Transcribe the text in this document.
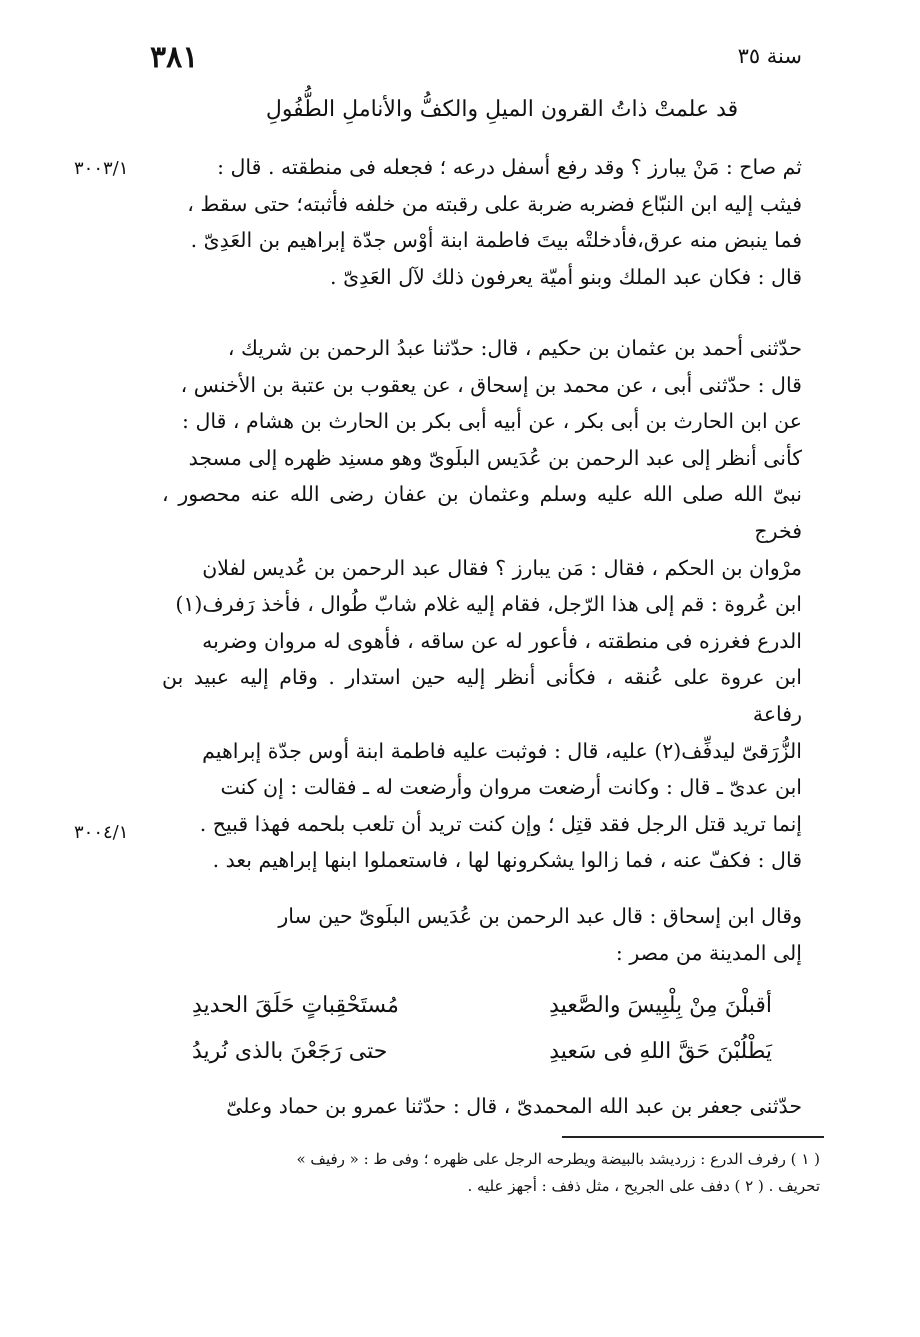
٣٨١	سنة ٣٥
قد علمتْ ذاتُ القرون الميلِ والكفُّ والأناملِ الطُّفُولِ
٣٠٠٣/١
٣٠٠٤/١

ثم صاح : مَنْ يبارز ؟ وقد رفع أسفل درعه ؛ فجعله فى منطقته . قال :

فيثب إليه ابن النبّاع فضربه ضربة على رقبته من خلفه فأثبته؛ حتى سقط ،

فما ينبض منه عرق،فأدخلتْه بيتَ فاطمة ابنة أوْس جدّة إبراهيم بن العَدِىّ .

قال : فكان عبد الملك وبنو أميّة يعرفون ذلك لآل العَدِىّ .

حدّثنى أحمد بن عثمان بن حكيم ، قال: حدّثنا عبدُ الرحمن بن شريك ،

قال : حدّثنى أبى ، عن محمد بن إسحاق ، عن يعقوب بن عتبة بن الأخنس ،

عن ابن الحارث بن أبى بكر ، عن أبيه أبى بكر بن الحارث بن هشام ، قال :

كأنى أنظر إلى عبد الرحمن بن عُدَيس البلَوىّ وهو مسنِد ظهره إلى مسجد

نبىّ الله صلى الله عليه وسلم وعثمان بن عفان رضى الله عنه محصور ، فخرج

مرْوان بن الحكم ، فقال : مَن يبارز ؟ فقال عبد الرحمن بن عُديس لفلان

ابن عُروة : قم إلى هذا الرّجل، فقام إليه غلام شابّ طُوال ، فأخذ رَفرف(١)

الدرع فغرزه فى منطقته ، فأعور له عن ساقه ، فأهوى له مروان وضربه

ابن عروة على عُنقه ، فكأنى أنظر إليه حين استدار . وقام إليه عبيد بن رفاعة

الزُّرَقىّ ليدفِّف(٢) عليه، قال : فوثبت عليه فاطمة ابنة أوس جدّة إبراهيم

ابن عدىّ ـ قال : وكانت أرضعت مروان وأرضعت له ـ فقالت : إن كنت

إنما تريد قتل الرجل فقد قتِل ؛ وإن كنت تريد أن تلعب بلحمه فهذا قبيح .

قال : فكفّ عنه ، فما زالوا يشكرونها لها ، فاستعملوا ابنها إبراهيم بعد .

وقال ابن إسحاق : قال عبد الرحمن بن عُدَيس البلَوىّ حين سار

إلى المدينة من مصر :

أقبلْنَ مِنْ بِلْبِيسَ والصَّعيدِ
مُستَحْقِباتٍ حَلَقَ الحديدِ
يَطْلُبْنَ حَقَّ اللهِ فى سَعيدِ
حتى رَجَعْنَ بالذى نُريدُ
حدّثنى جعفر بن عبد الله المحمدىّ ، قال : حدّثنا عمرو بن حماد وعلىّ

( ١ ) رفرف الدرع : زرديشد بالبيضة ويطرحه الرجل على ظهره ؛ وفى ط : « رفيف »

تحريف . ( ٢ ) دفف على الجريح ، مثل ذفف : أجهز عليه .
